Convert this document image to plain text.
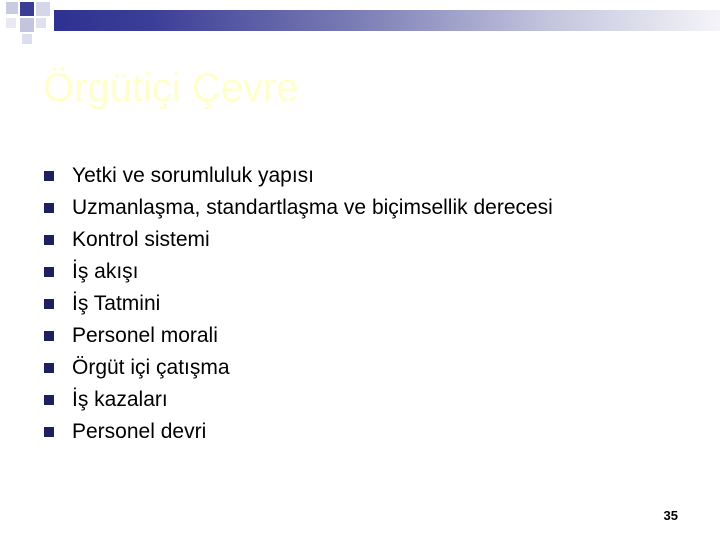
Örgütiçi Çevre
Yetki ve sorumluluk yapısı
Uzmanlaşma, standartlaşma ve biçimsellik derecesi
Kontrol sistemi
İş akışı
İş Tatmini
Personel morali
Örgüt içi çatışma
İş kazaları
Personel devri
35
